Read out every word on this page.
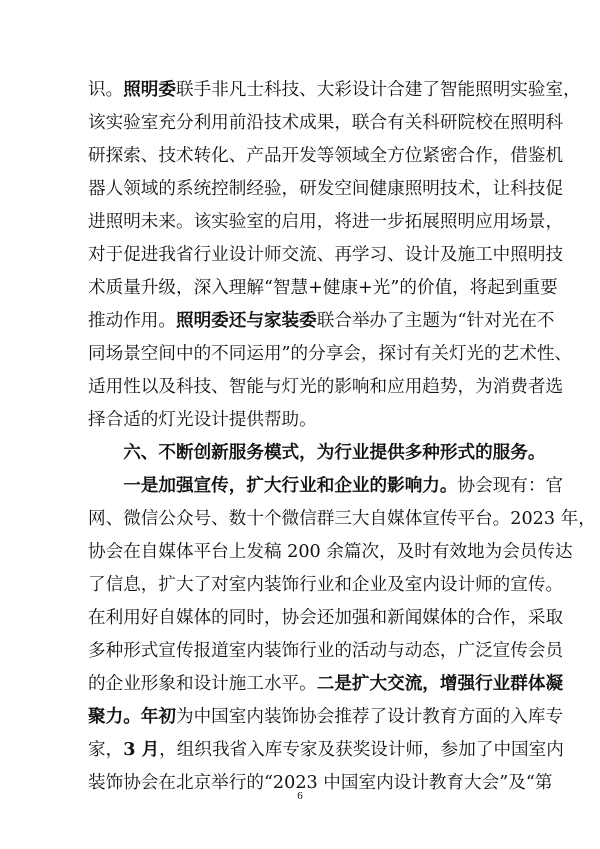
识。照明委联手非凡士科技、大彩设计合建了智能照明实验室，
该实验室充分利用前沿技术成果，联合有关科研院校在照明科
研探索、技术转化、产品开发等领域全方位紧密合作，借鉴机
器人领域的系统控制经验，研发空间健康照明技术，让科技促
进照明未来。该实验室的启用，将进一步拓展照明应用场景，
对于促进我省行业设计师交流、再学习、设计及施工中照明技
术质量升级，深入理解“智慧+健康+光”的价值，将起到重要
推动作用。照明委还与家装委联合举办了主题为“针对光在不
同场景空间中的不同运用”的分享会，探讨有关灯光的艺术性、
适用性以及科技、智能与灯光的影响和应用趋势，为消费者选
择合适的灯光设计提供帮助。
　　六、不断创新服务模式，为行业提供多种形式的服务。
　　一是加强宣传，扩大行业和企业的影响力。协会现有：官
网、微信公众号、数十个微信群三大自媒体宣传平台。2023 年，
协会在自媒体平台上发稿 200 余篇次，及时有效地为会员传达
了信息，扩大了对室内装饰行业和企业及室内设计师的宣传。
在利用好自媒体的同时，协会还加强和新闻媒体的合作，采取
多种形式宣传报道室内装饰行业的活动与动态，广泛宣传会员
的企业形象和设计施工水平。二是扩大交流，增强行业群体凝
聚力。年初为中国室内装饰协会推荐了设计教育方面的入库专
家，3 月，组织我省入库专家及获奖设计师，参加了中国室内
装饰协会在北京举行的“2023 中国室内设计教育大会”及“第
6
